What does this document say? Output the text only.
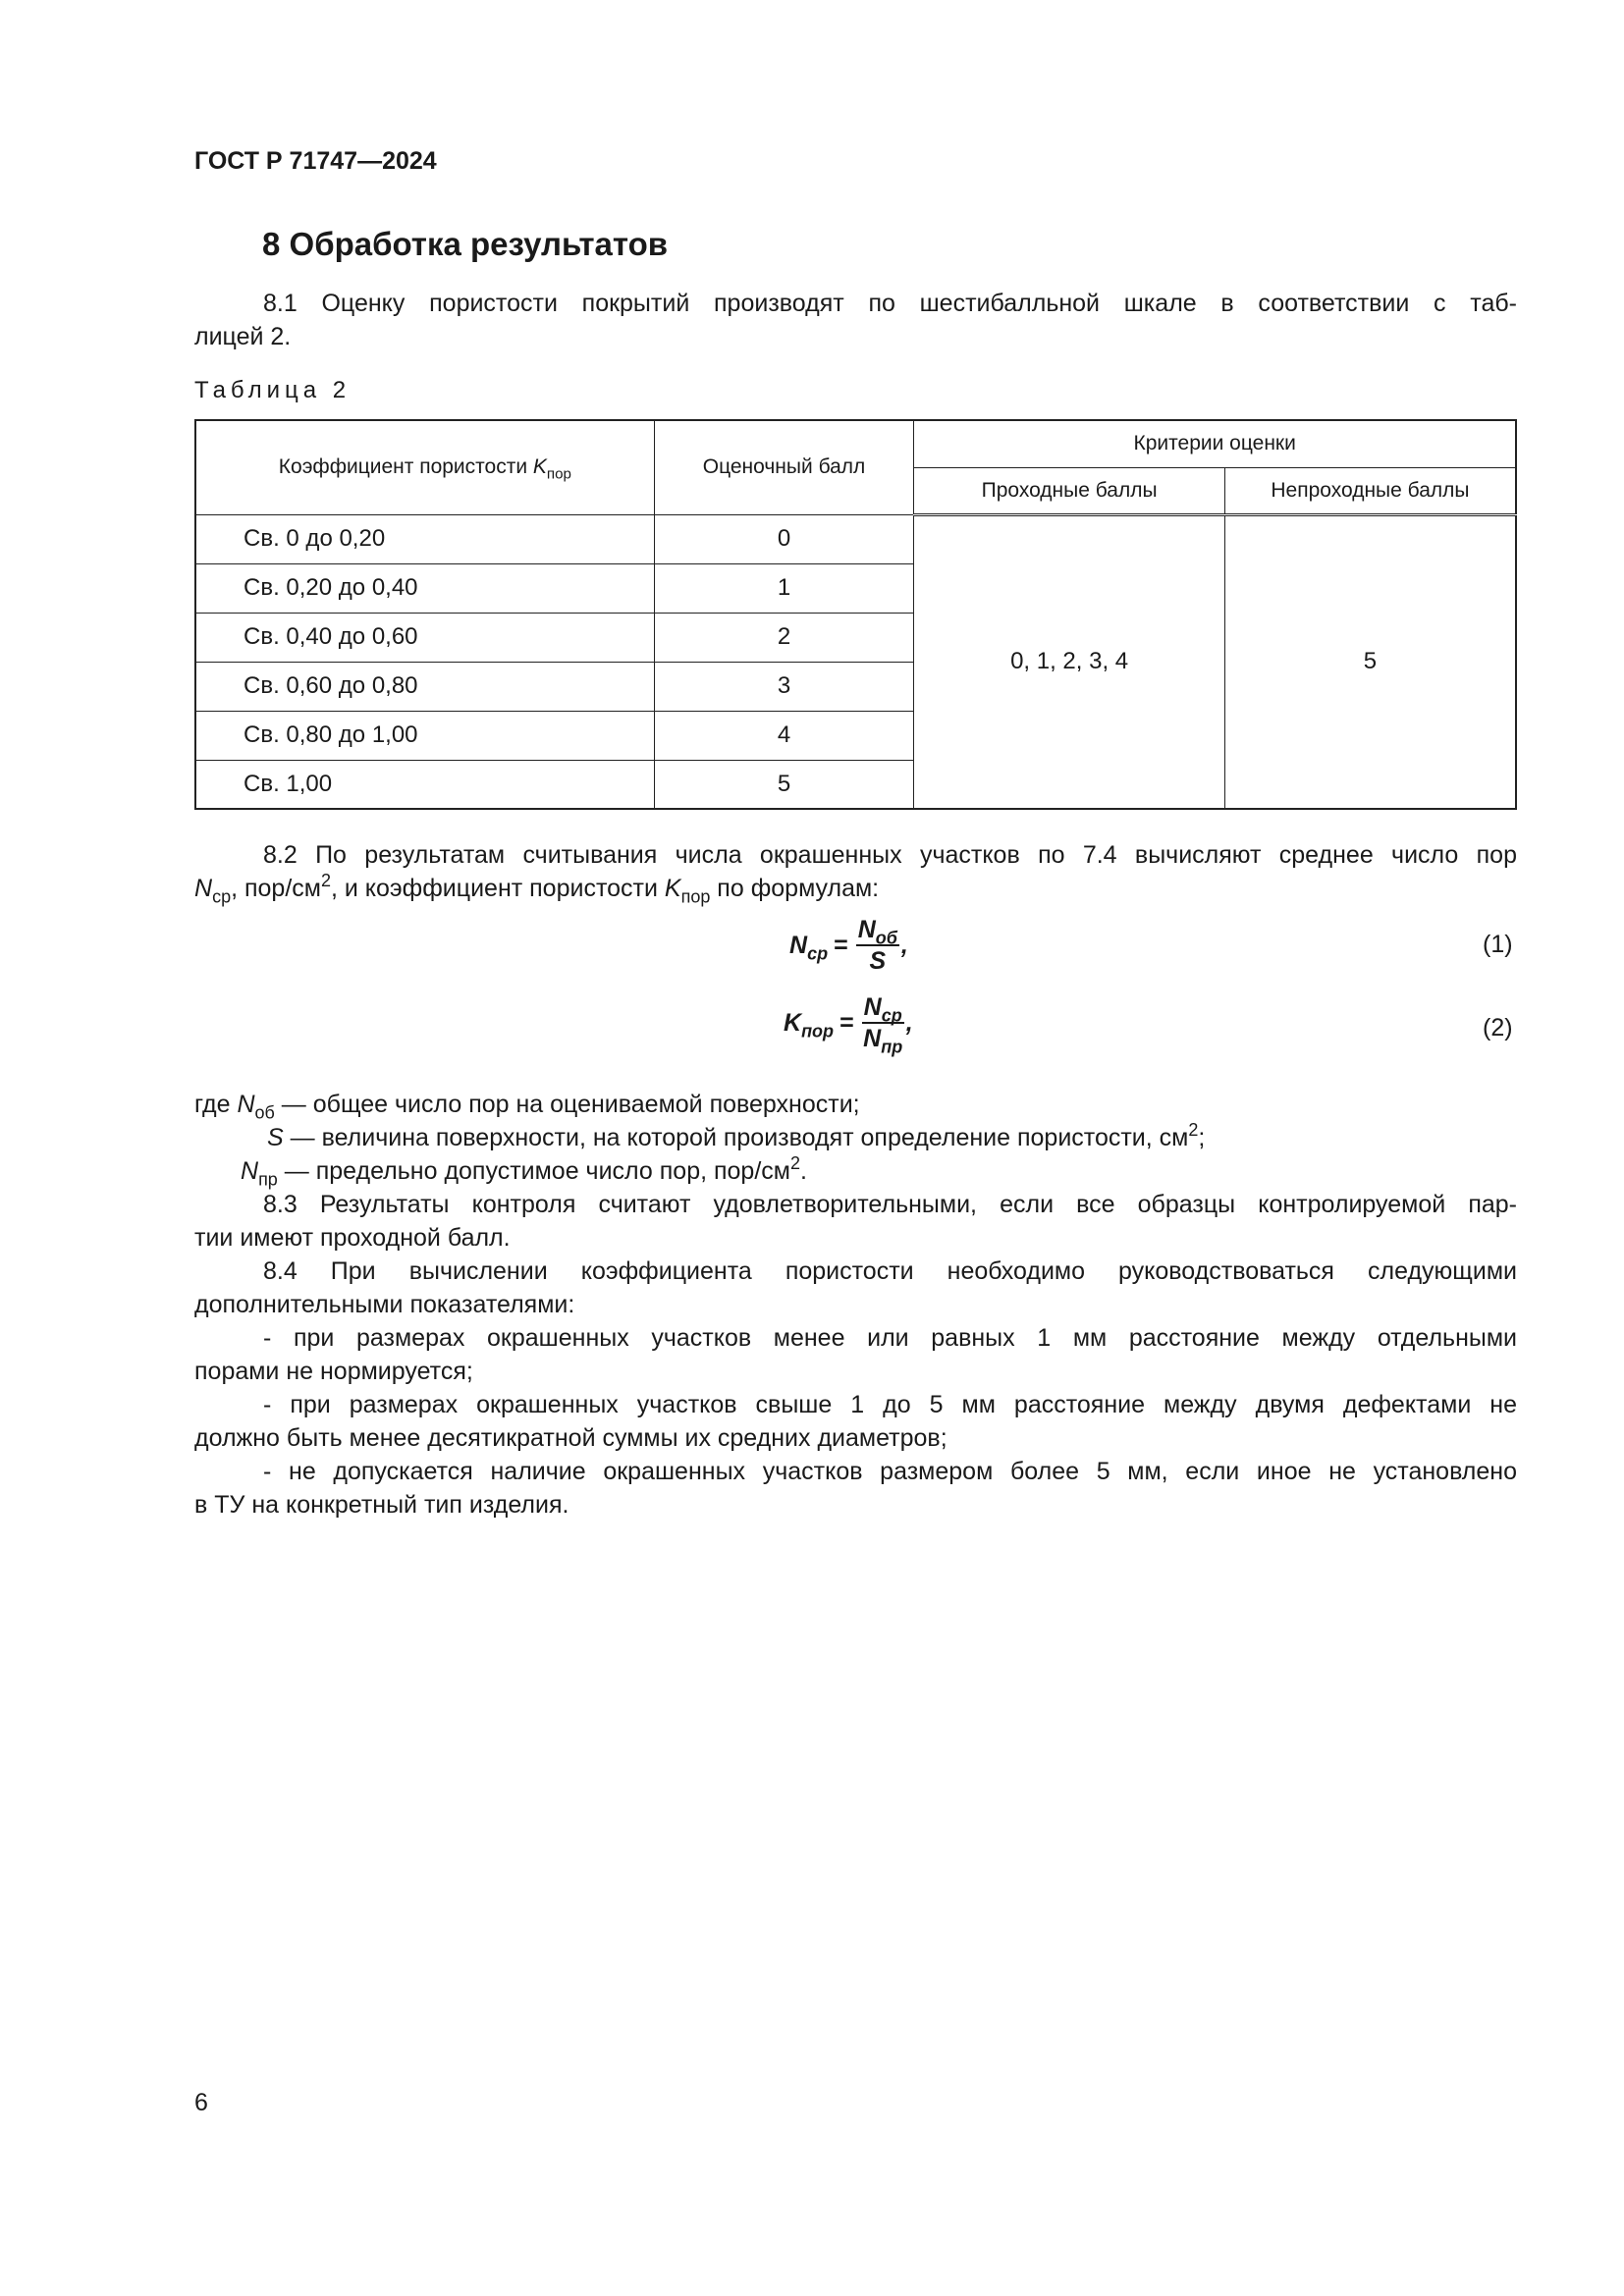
ГОСТ Р 71747—2024
8 Обработка результатов
8.1 Оценку пористости покрытий производят по шестибалльной шкале в соответствии с таб-
лицей 2.
Таблица 2
Коэффициент пористости $K_{пор}$	Оценочный балл	Критерии оценки	
		Проходные баллы	Непроходные баллы
Св. 0 до 0,20	0	0, 1, 2, 3, 4	5
Св. 0,20 до 0,40	1		
Св. 0,40 до 0,60	2		
Св. 0,60 до 0,80	3		
Св. 0,80 до 1,00	4		
Св. 1,00	5		
8.2 По результатам считывания числа окрашенных участков по 7.4 вычисляют среднее число пор
$N_{ср}$, пор/$см^2$, и коэффициент пористости $K_{пор}$ по формулам:
$N_{ср} = \frac{N_{об}}{S}$ ,	(1)
$K_{пор} = \frac{N_{ср}}{N_{пр}}$ ,	(2)
где $N_{об}$ — общее число пор на оцениваемой поверхности;
S — величина поверхности, на которой производят определение пористости, $см^2$;
$N_{пр}$ — предельно допустимое число пор, пор/$см^2$.
8.3 Результаты контроля считают удовлетворительными, если все образцы контролируемой пар-
тии имеют проходной балл.
8.4 При вычислении коэффициента пористости необходимо руководствоваться следующими
дополнительными показателями:
- при размерах окрашенных участков менее или равных 1 мм расстояние между отдельными
порами не нормируется;
- при размерах окрашенных участков свыше 1 до 5 мм расстояние между двумя дефектами не
должно быть менее десятикратной суммы их средних диаметров;
- не допускается наличие окрашенных участков размером более 5 мм, если иное не установлено
в ТУ на конкретный тип изделия.
6
